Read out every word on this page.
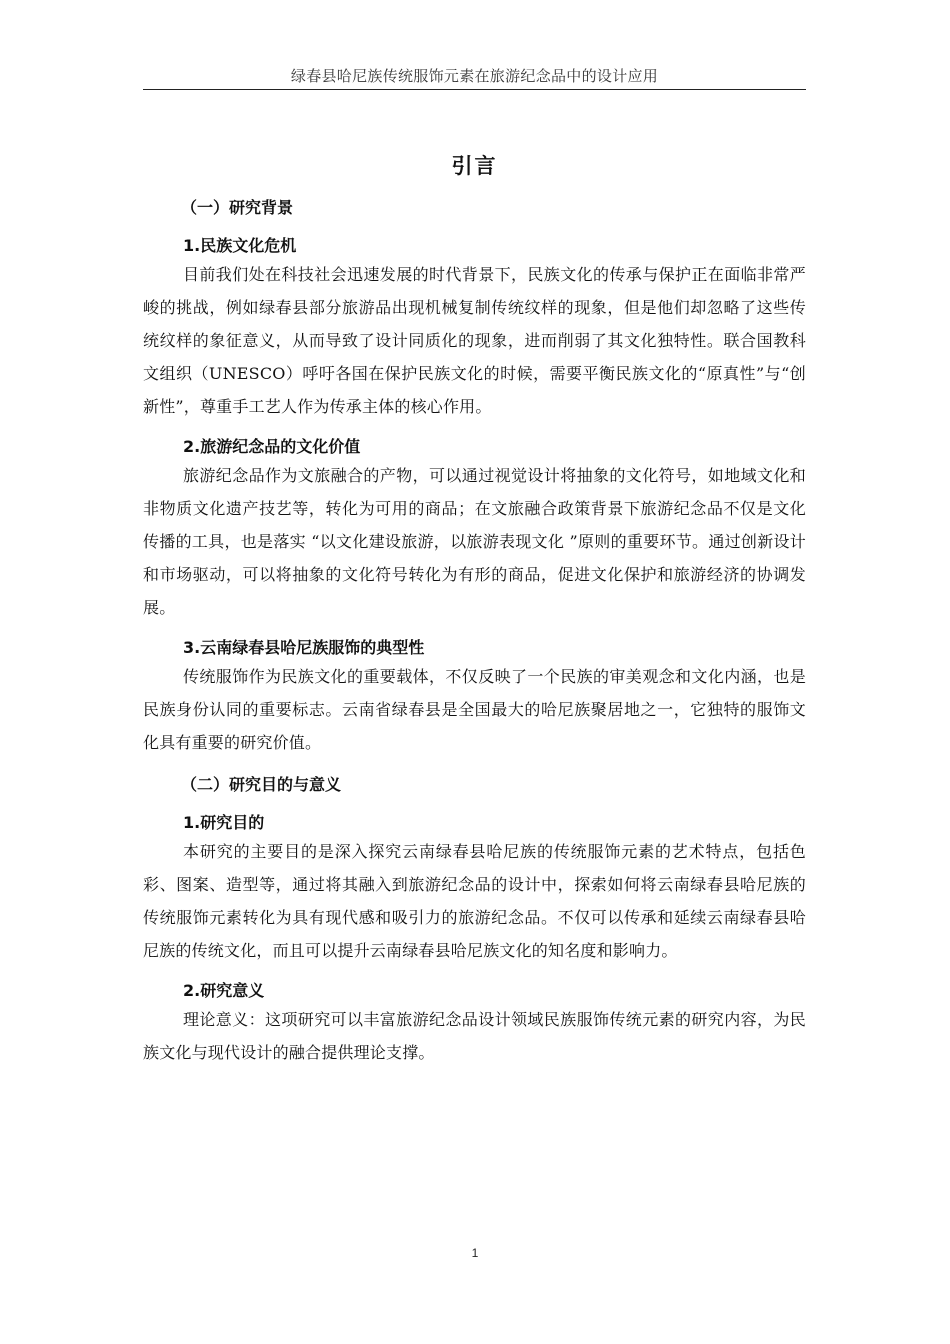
绿春县哈尼族传统服饰元素在旅游纪念品中的设计应用
引言
（一）研究背景
1.民族文化危机

目前我们处在科技社会迅速发展的时代背景下，民族文化的传承与保护正在面临非常严峻的挑战，例如绿春县部分旅游品出现机械复制传统纹样的现象，但是他们却忽略了这些传统纹样的象征意义，从而导致了设计同质化的现象，进而削弱了其文化独特性。联合国教科文组织（UNESCO）呼吁各国在保护民族文化的时候，需要平衡民族文化的“原真性”与“创新性”，尊重手工艺人作为传承主体的核心作用。

2.旅游纪念品的文化价值

旅游纪念品作为文旅融合的产物，可以通过视觉设计将抽象的文化符号，如地域文化和非物质文化遗产技艺等，转化为可用的商品；在文旅融合政策背景下旅游纪念品不仅是文化传播的工具，也是落实 “以文化建设旅游，以旅游表现文化 ”原则的重要环节。通过创新设计和市场驱动，可以将抽象的文化符号转化为有形的商品，促进文化保护和旅游经济的协调发展。

3.云南绿春县哈尼族服饰的典型性

传统服饰作为民族文化的重要载体，不仅反映了一个民族的审美观念和文化内涵，也是民族身份认同的重要标志。云南省绿春县是全国最大的哈尼族聚居地之一，它独特的服饰文化具有重要的研究价值。

（二）研究目的与意义
1.研究目的

本研究的主要目的是深入探究云南绿春县哈尼族的传统服饰元素的艺术特点，包括色彩、图案、造型等，通过将其融入到旅游纪念品的设计中，探索如何将云南绿春县哈尼族的传统服饰元素转化为具有现代感和吸引力的旅游纪念品。不仅可以传承和延续云南绿春县哈尼族的传统文化，而且可以提升云南绿春县哈尼族文化的知名度和影响力。

2.研究意义

理论意义：这项研究可以丰富旅游纪念品设计领域民族服饰传统元素的研究内容，为民族文化与现代设计的融合提供理论支撑。

1
